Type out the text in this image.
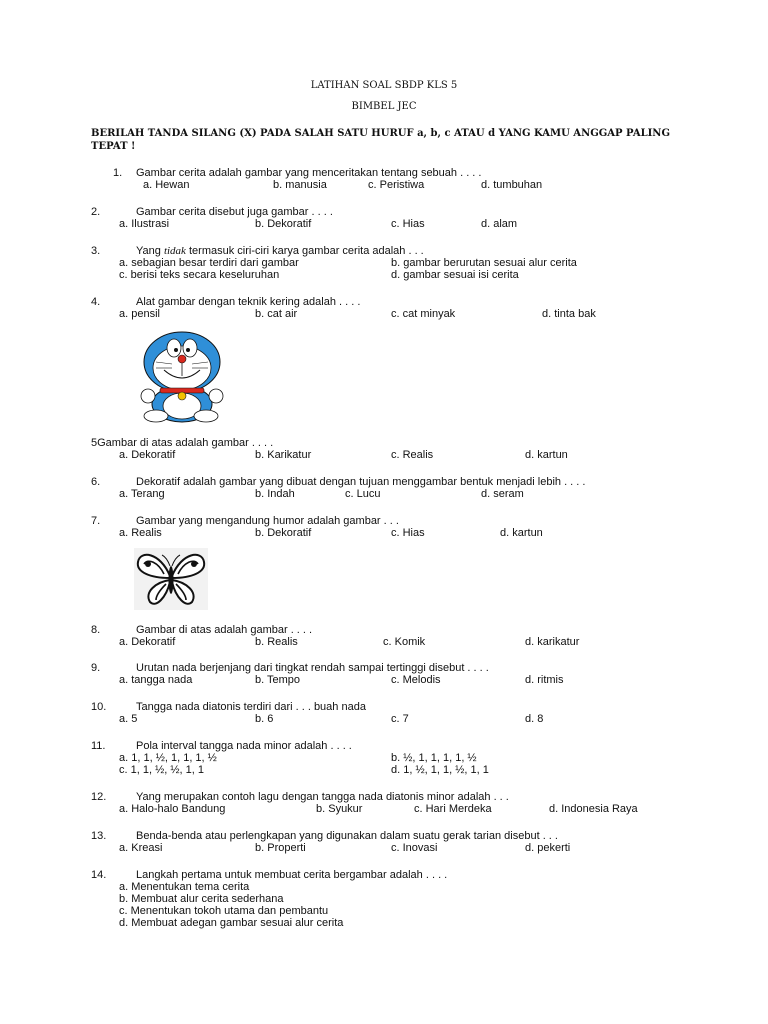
LATIHAN SOAL SBDP KLS 5
BIMBEL JEC
BERILAH TANDA SILANG (X) PADA SALAH SATU HURUF a, b, c ATAU d YANG KAMU ANGGAP PALING
TEPAT !
1. Gambar cerita adalah gambar yang menceritakan tentang sebuah . . . .
a. Hewan	b. manusia	c. Peristiwa	d. tumbuhan
2.	Gambar cerita disebut juga gambar . . . .
a. Ilustrasi	b. Dekoratif	c. Hias	d. alam
3.	Yang tidak termasuk ciri-ciri karya gambar cerita adalah . . .
a. sebagian besar terdiri dari gambar	b. gambar berurutan sesuai alur cerita
c. berisi teks secara keseluruhan	d. gambar sesuai isi cerita
4.	Alat gambar dengan teknik kering adalah . . . .
a. pensil	b. cat air	c. cat minyak	d. tinta bak
5Gambar di atas adalah gambar . . . .
a. Dekoratif	b. Karikatur	c. Realis	d. kartun
6.	Dekoratif adalah gambar yang dibuat dengan tujuan menggambar bentuk menjadi lebih . . . .
a. Terang	b. Indah	c. Lucu	d. seram
7.	Gambar yang mengandung humor adalah gambar . . .
a. Realis	b. Dekoratif	c. Hias	d. kartun
8.	Gambar di atas adalah gambar . . . .
a. Dekoratif	b. Realis	c. Komik	d. karikatur
9.	Urutan nada berjenjang dari tingkat rendah sampai tertinggi disebut . . . .
a. tangga nada	b. Tempo	c. Melodis	d. ritmis
10.	Tangga nada diatonis terdiri dari . . . buah nada
a. 5	b. 6	c. 7	d. 8
11.	Pola interval tangga nada minor adalah . . . .
a. 1, 1, ½, 1, 1, 1, ½	b. ½, 1, 1, 1, 1, ½
c. 1, 1, ½, ½, 1, 1	d. 1, ½, 1, 1, ½, 1, 1
12.	Yang merupakan contoh lagu dengan tangga nada diatonis minor adalah . . .
a. Halo-halo Bandung	b. Syukur	c. Hari Merdeka	d. Indonesia Raya
13.	Benda-benda atau perlengkapan yang digunakan dalam suatu gerak tarian disebut . . .
a. Kreasi	b. Properti	c. Inovasi	d. pekerti
14.	Langkah pertama untuk membuat cerita bergambar adalah . . . .
a. Menentukan tema cerita
b. Membuat alur cerita sederhana
c. Menentukan tokoh utama dan pembantu
d. Membuat adegan gambar sesuai alur cerita
